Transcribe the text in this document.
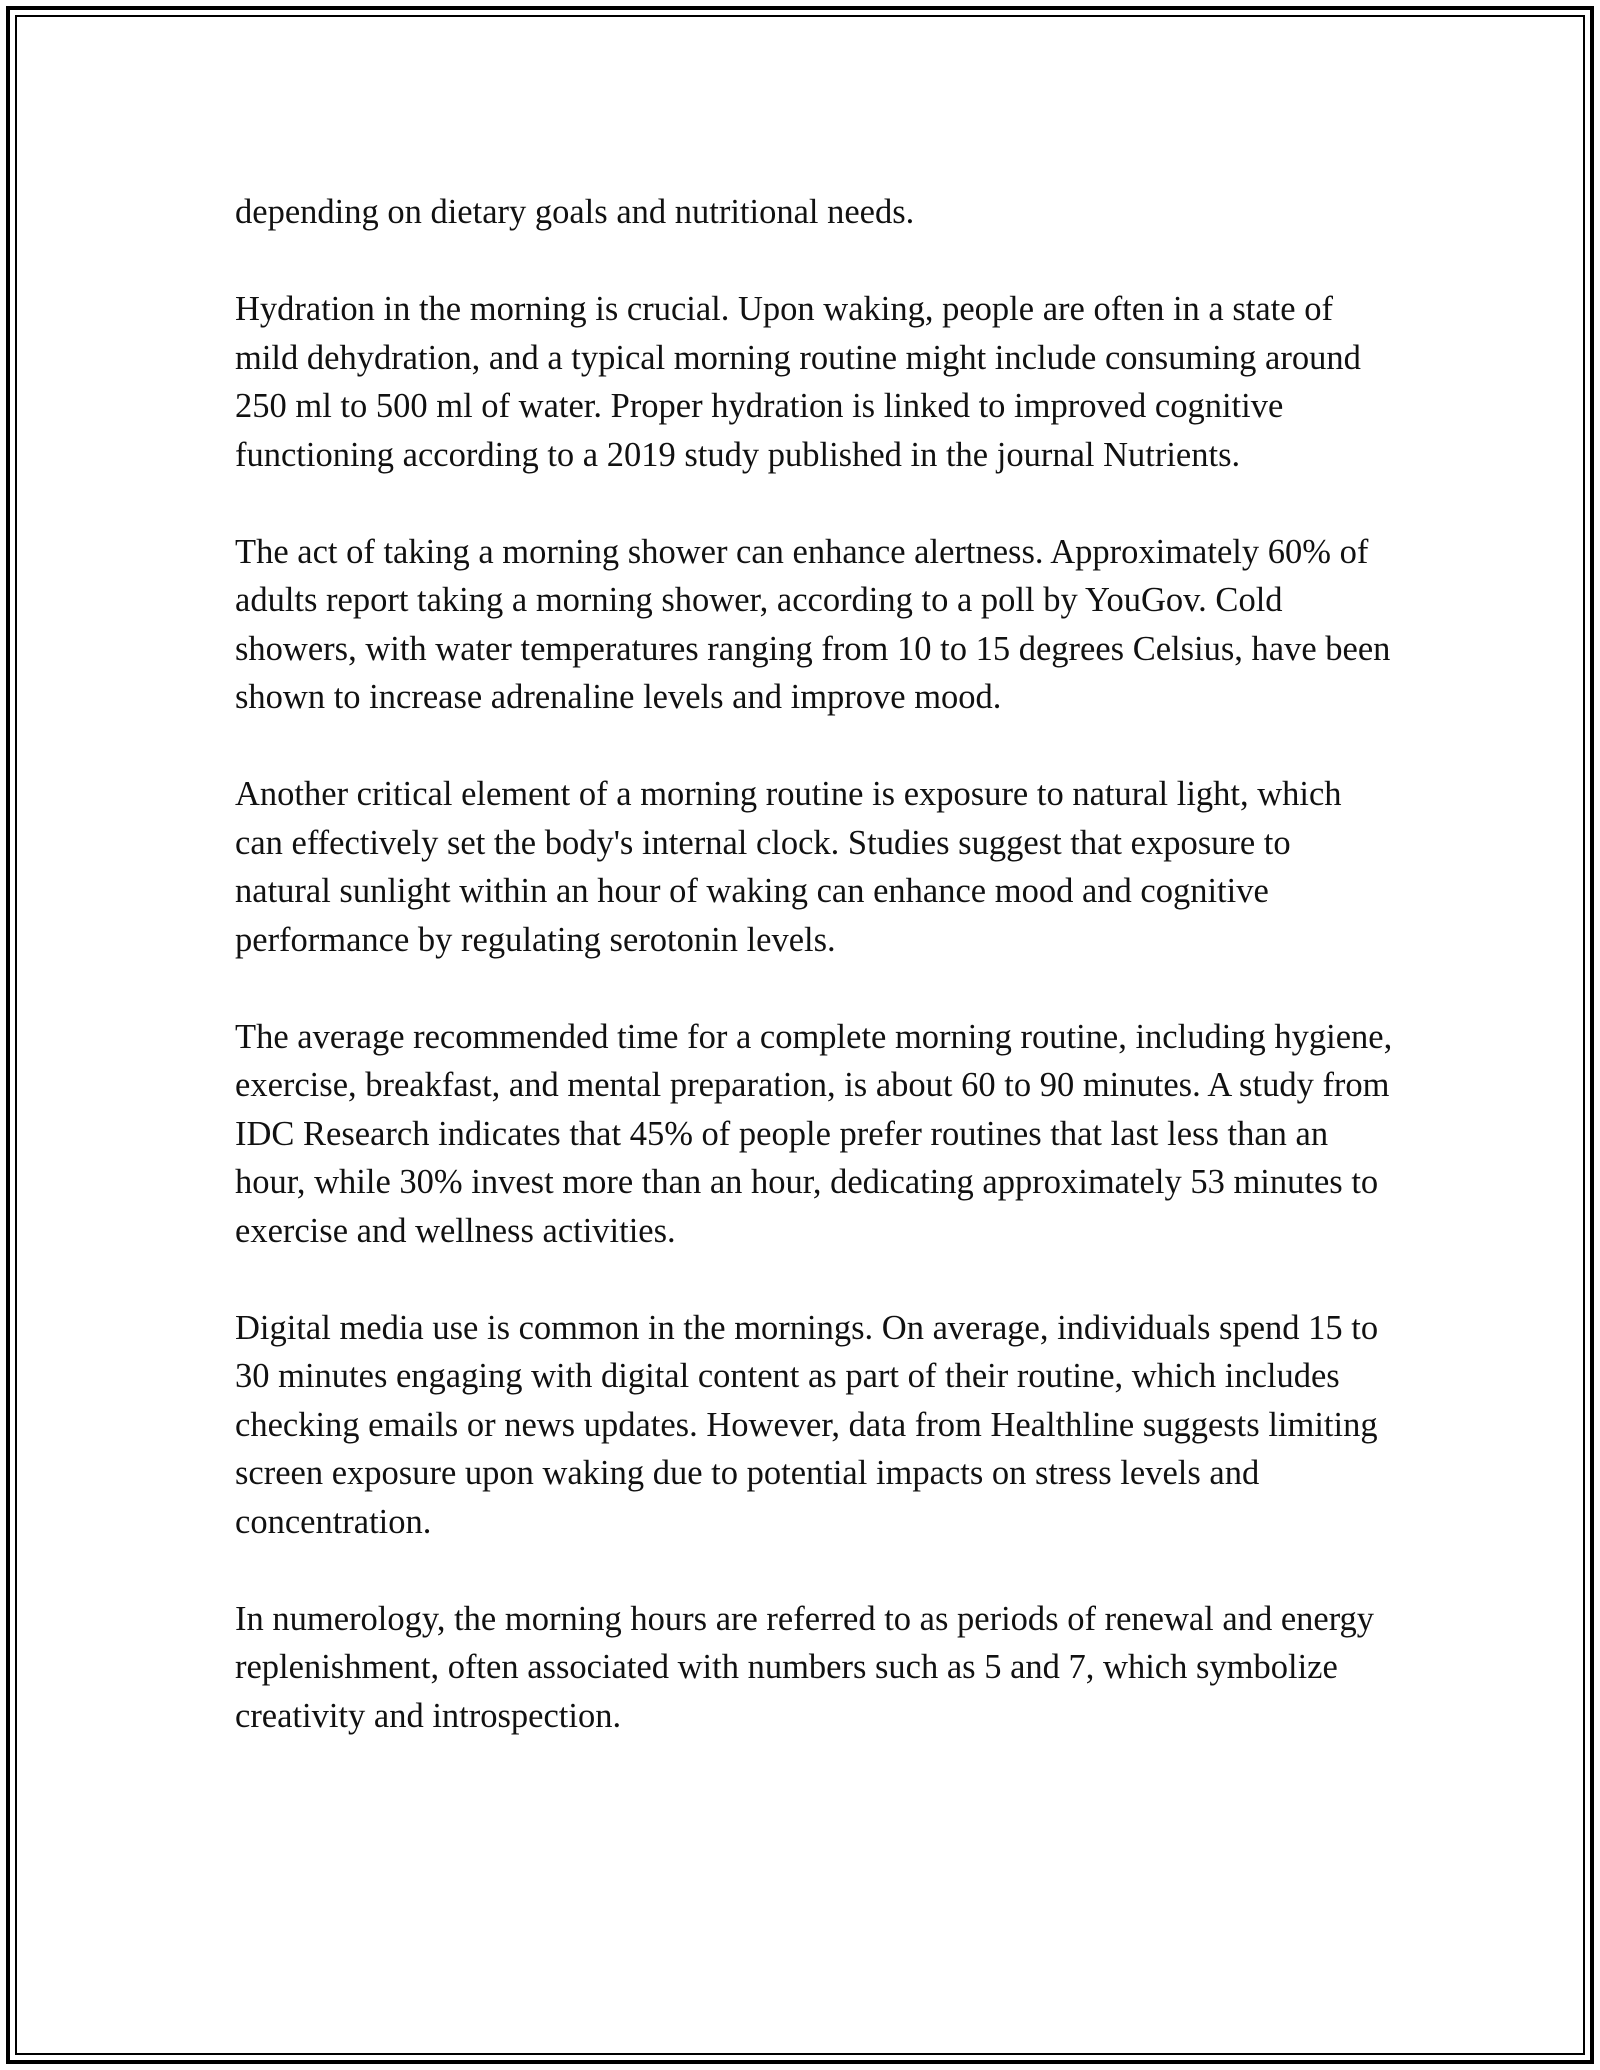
depending on dietary goals and nutritional needs.

Hydration in the morning is crucial. Upon waking, people are often in a state of mild dehydration, and a typical morning routine might include consuming around 250 ml to 500 ml of water. Proper hydration is linked to improved cognitive functioning according to a 2019 study published in the journal Nutrients.

The act of taking a morning shower can enhance alertness. Approximately 60% of adults report taking a morning shower, according to a poll by YouGov. Cold showers, with water temperatures ranging from 10 to 15 degrees Celsius, have been shown to increase adrenaline levels and improve mood.

Another critical element of a morning routine is exposure to natural light, which can effectively set the body's internal clock. Studies suggest that exposure to natural sunlight within an hour of waking can enhance mood and cognitive performance by regulating serotonin levels.

The average recommended time for a complete morning routine, including hygiene, exercise, breakfast, and mental preparation, is about 60 to 90 minutes. A study from IDC Research indicates that 45% of people prefer routines that last less than an hour, while 30% invest more than an hour, dedicating approximately 53 minutes to exercise and wellness activities.

Digital media use is common in the mornings. On average, individuals spend 15 to 30 minutes engaging with digital content as part of their routine, which includes checking emails or news updates. However, data from Healthline suggests limiting screen exposure upon waking due to potential impacts on stress levels and concentration.

In numerology, the morning hours are referred to as periods of renewal and energy replenishment, often associated with numbers such as 5 and 7, which symbolize creativity and introspection.
